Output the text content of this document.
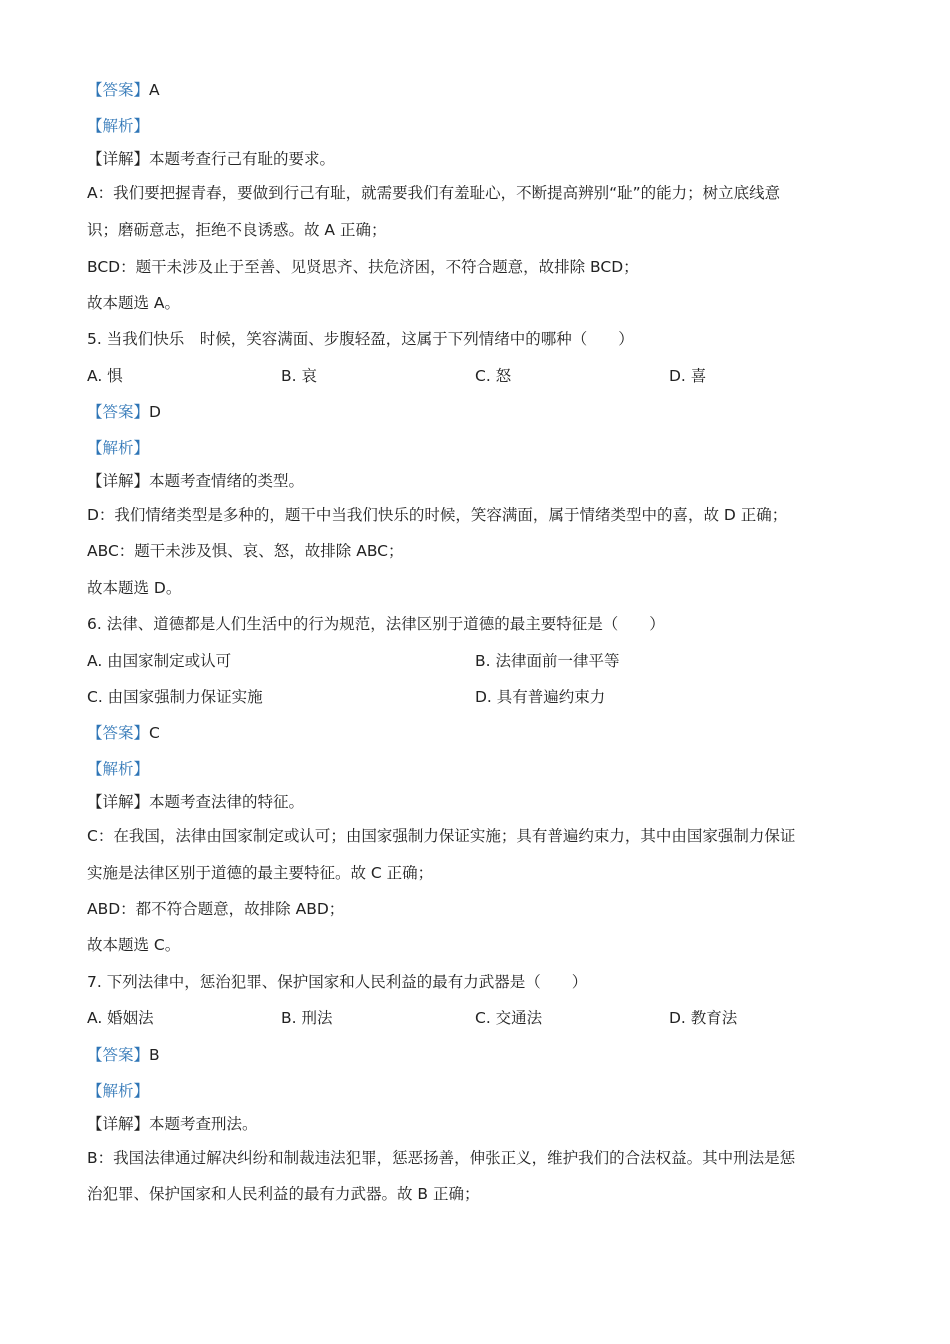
【答案】A
【解析】
【详解】本题考查行己有耻的要求。
A：我们要把握青春，要做到行己有耻，就需要我们有羞耻心，不断提高辨别“耻”的能力；树立底线意
识；磨砺意志，拒绝不良诱惑。故 A 正确；
BCD：题干未涉及止于至善、见贤思齐、扶危济困，不符合题意，故排除 BCD；
故本题选 A。
5. 当我们快乐　时候，笑容满面、步腹轻盈，这属于下列情绪中的哪种（　　）
A. 惧	B. 哀	C. 怒	D. 喜
【答案】D
【解析】
【详解】本题考查情绪的类型。
D：我们情绪类型是多种的，题干中当我们快乐的时候，笑容满面，属于情绪类型中的喜，故 D 正确；
ABC：题干未涉及惧、哀、怒，故排除 ABC；
故本题选 D。
6. 法律、道德都是人们生活中的行为规范，法律区别于道德的最主要特征是（　　）
A. 由国家制定或认可	B. 法律面前一律平等
C. 由国家强制力保证实施	D. 具有普遍约束力
【答案】C
【解析】
【详解】本题考查法律的特征。
C：在我国，法律由国家制定或认可；由国家强制力保证实施；具有普遍约束力，其中由国家强制力保证
实施是法律区别于道德的最主要特征。故 C 正确；
ABD：都不符合题意，故排除 ABD；
故本题选 C。
7. 下列法律中，惩治犯罪、保护国家和人民利益的最有力武器是（　　）
A. 婚姻法	B. 刑法	C. 交通法	D. 教育法
【答案】B
【解析】
【详解】本题考查刑法。
B：我国法律通过解决纠纷和制裁违法犯罪，惩恶扬善，伸张正义，维护我们的合法权益。其中刑法是惩
治犯罪、保护国家和人民利益的最有力武器。故 B 正确；
